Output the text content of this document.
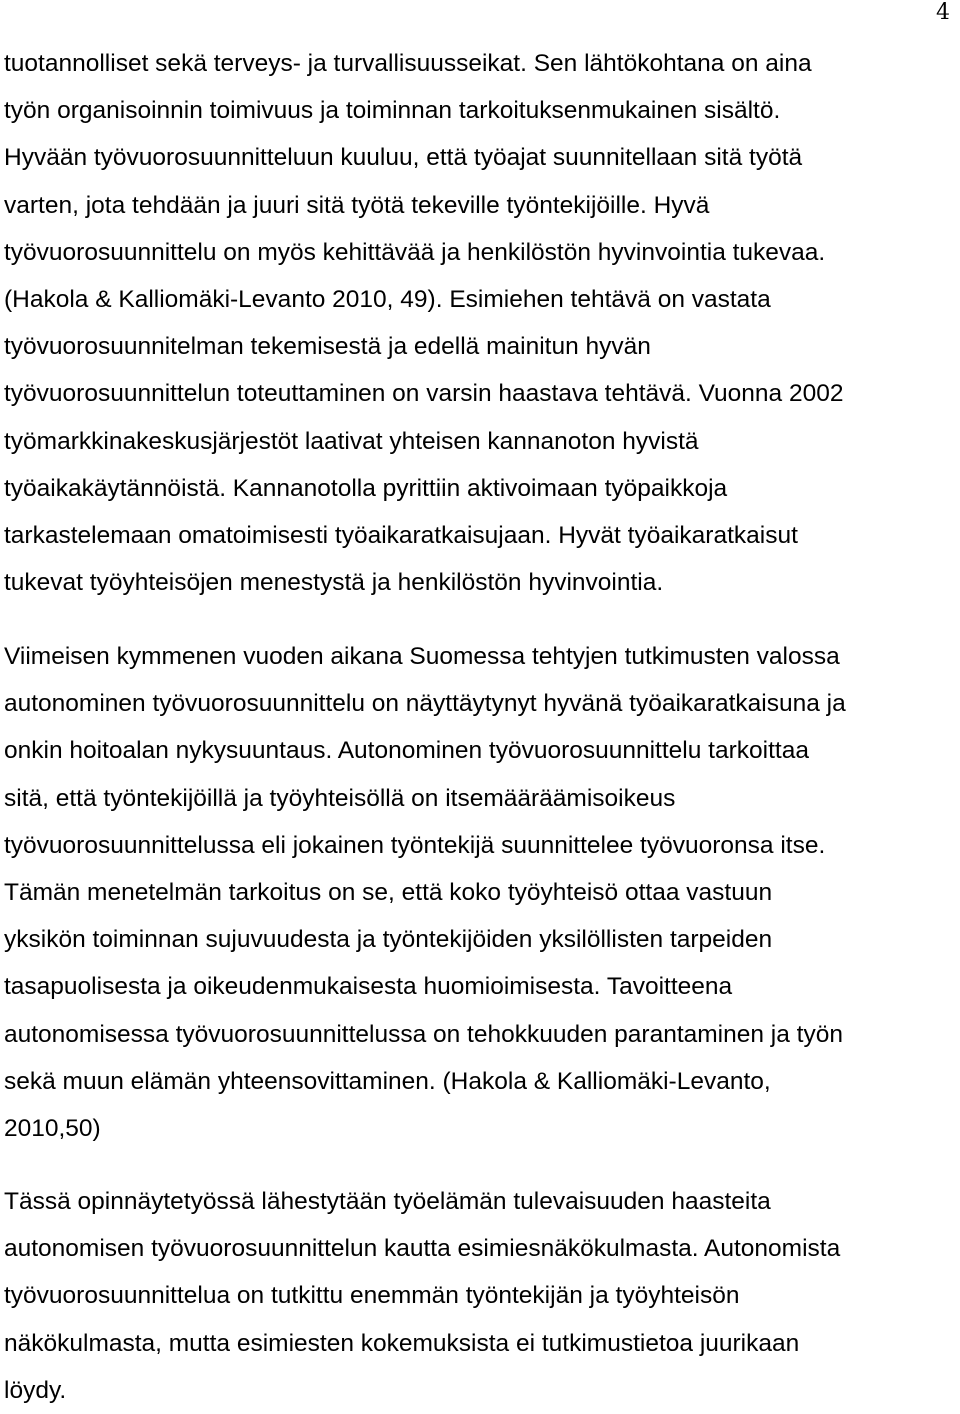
4
tuotannolliset sekä terveys- ja turvallisuusseikat. Sen lähtökohtana on aina
työn organisoinnin toimivuus ja toiminnan tarkoituksenmukainen sisältö.
Hyvään työvuorosuunnitteluun kuuluu, että työajat suunnitellaan sitä työtä
varten, jota tehdään ja juuri sitä työtä tekeville työntekijöille. Hyvä
työvuorosuunnittelu on myös kehittävää ja henkilöstön hyvinvointia tukevaa.
(Hakola & Kalliomäki-Levanto 2010, 49). Esimiehen tehtävä on vastata
työvuorosuunnitelman tekemisestä ja edellä mainitun hyvän
työvuorosuunnittelun toteuttaminen on varsin haastava tehtävä. Vuonna 2002
työmarkkinakeskusjärjestöt laativat yhteisen kannanoton hyvistä
työaikakäytännöistä. Kannanotolla pyrittiin aktivoimaan työpaikkoja
tarkastelemaan omatoimisesti työaikaratkaisujaan. Hyvät työaikaratkaisut
tukevat työyhteisöjen menestystä ja henkilöstön hyvinvointia.
Viimeisen kymmenen vuoden aikana Suomessa tehtyjen tutkimusten valossa
autonominen työvuorosuunnittelu on näyttäytynyt hyvänä työaikaratkaisuna ja
onkin hoitoalan nykysuuntaus. Autonominen työvuorosuunnittelu tarkoittaa
sitä, että työntekijöillä ja työyhteisöllä on itsemääräämisoikeus
työvuorosuunnittelussa eli jokainen työntekijä suunnittelee työvuoronsa itse.
Tämän menetelmän tarkoitus on se, että koko työyhteisö ottaa vastuun
yksikön toiminnan sujuvuudesta ja työntekijöiden yksilöllisten tarpeiden
tasapuolisesta ja oikeudenmukaisesta huomioimisesta. Tavoitteena
autonomisessa työvuorosuunnittelussa on tehokkuuden parantaminen ja työn
sekä muun elämän yhteensovittaminen. (Hakola & Kalliomäki-Levanto,
2010,50)
Tässä opinnäytetyössä lähestytään työelämän tulevaisuuden haasteita
autonomisen työvuorosuunnittelun kautta esimiesnäkökulmasta. Autonomista
työvuorosuunnittelua on tutkittu enemmän työntekijän ja työyhteisön
näkökulmasta, mutta esimiesten kokemuksista ei tutkimustietoa juurikaan
löydy.
